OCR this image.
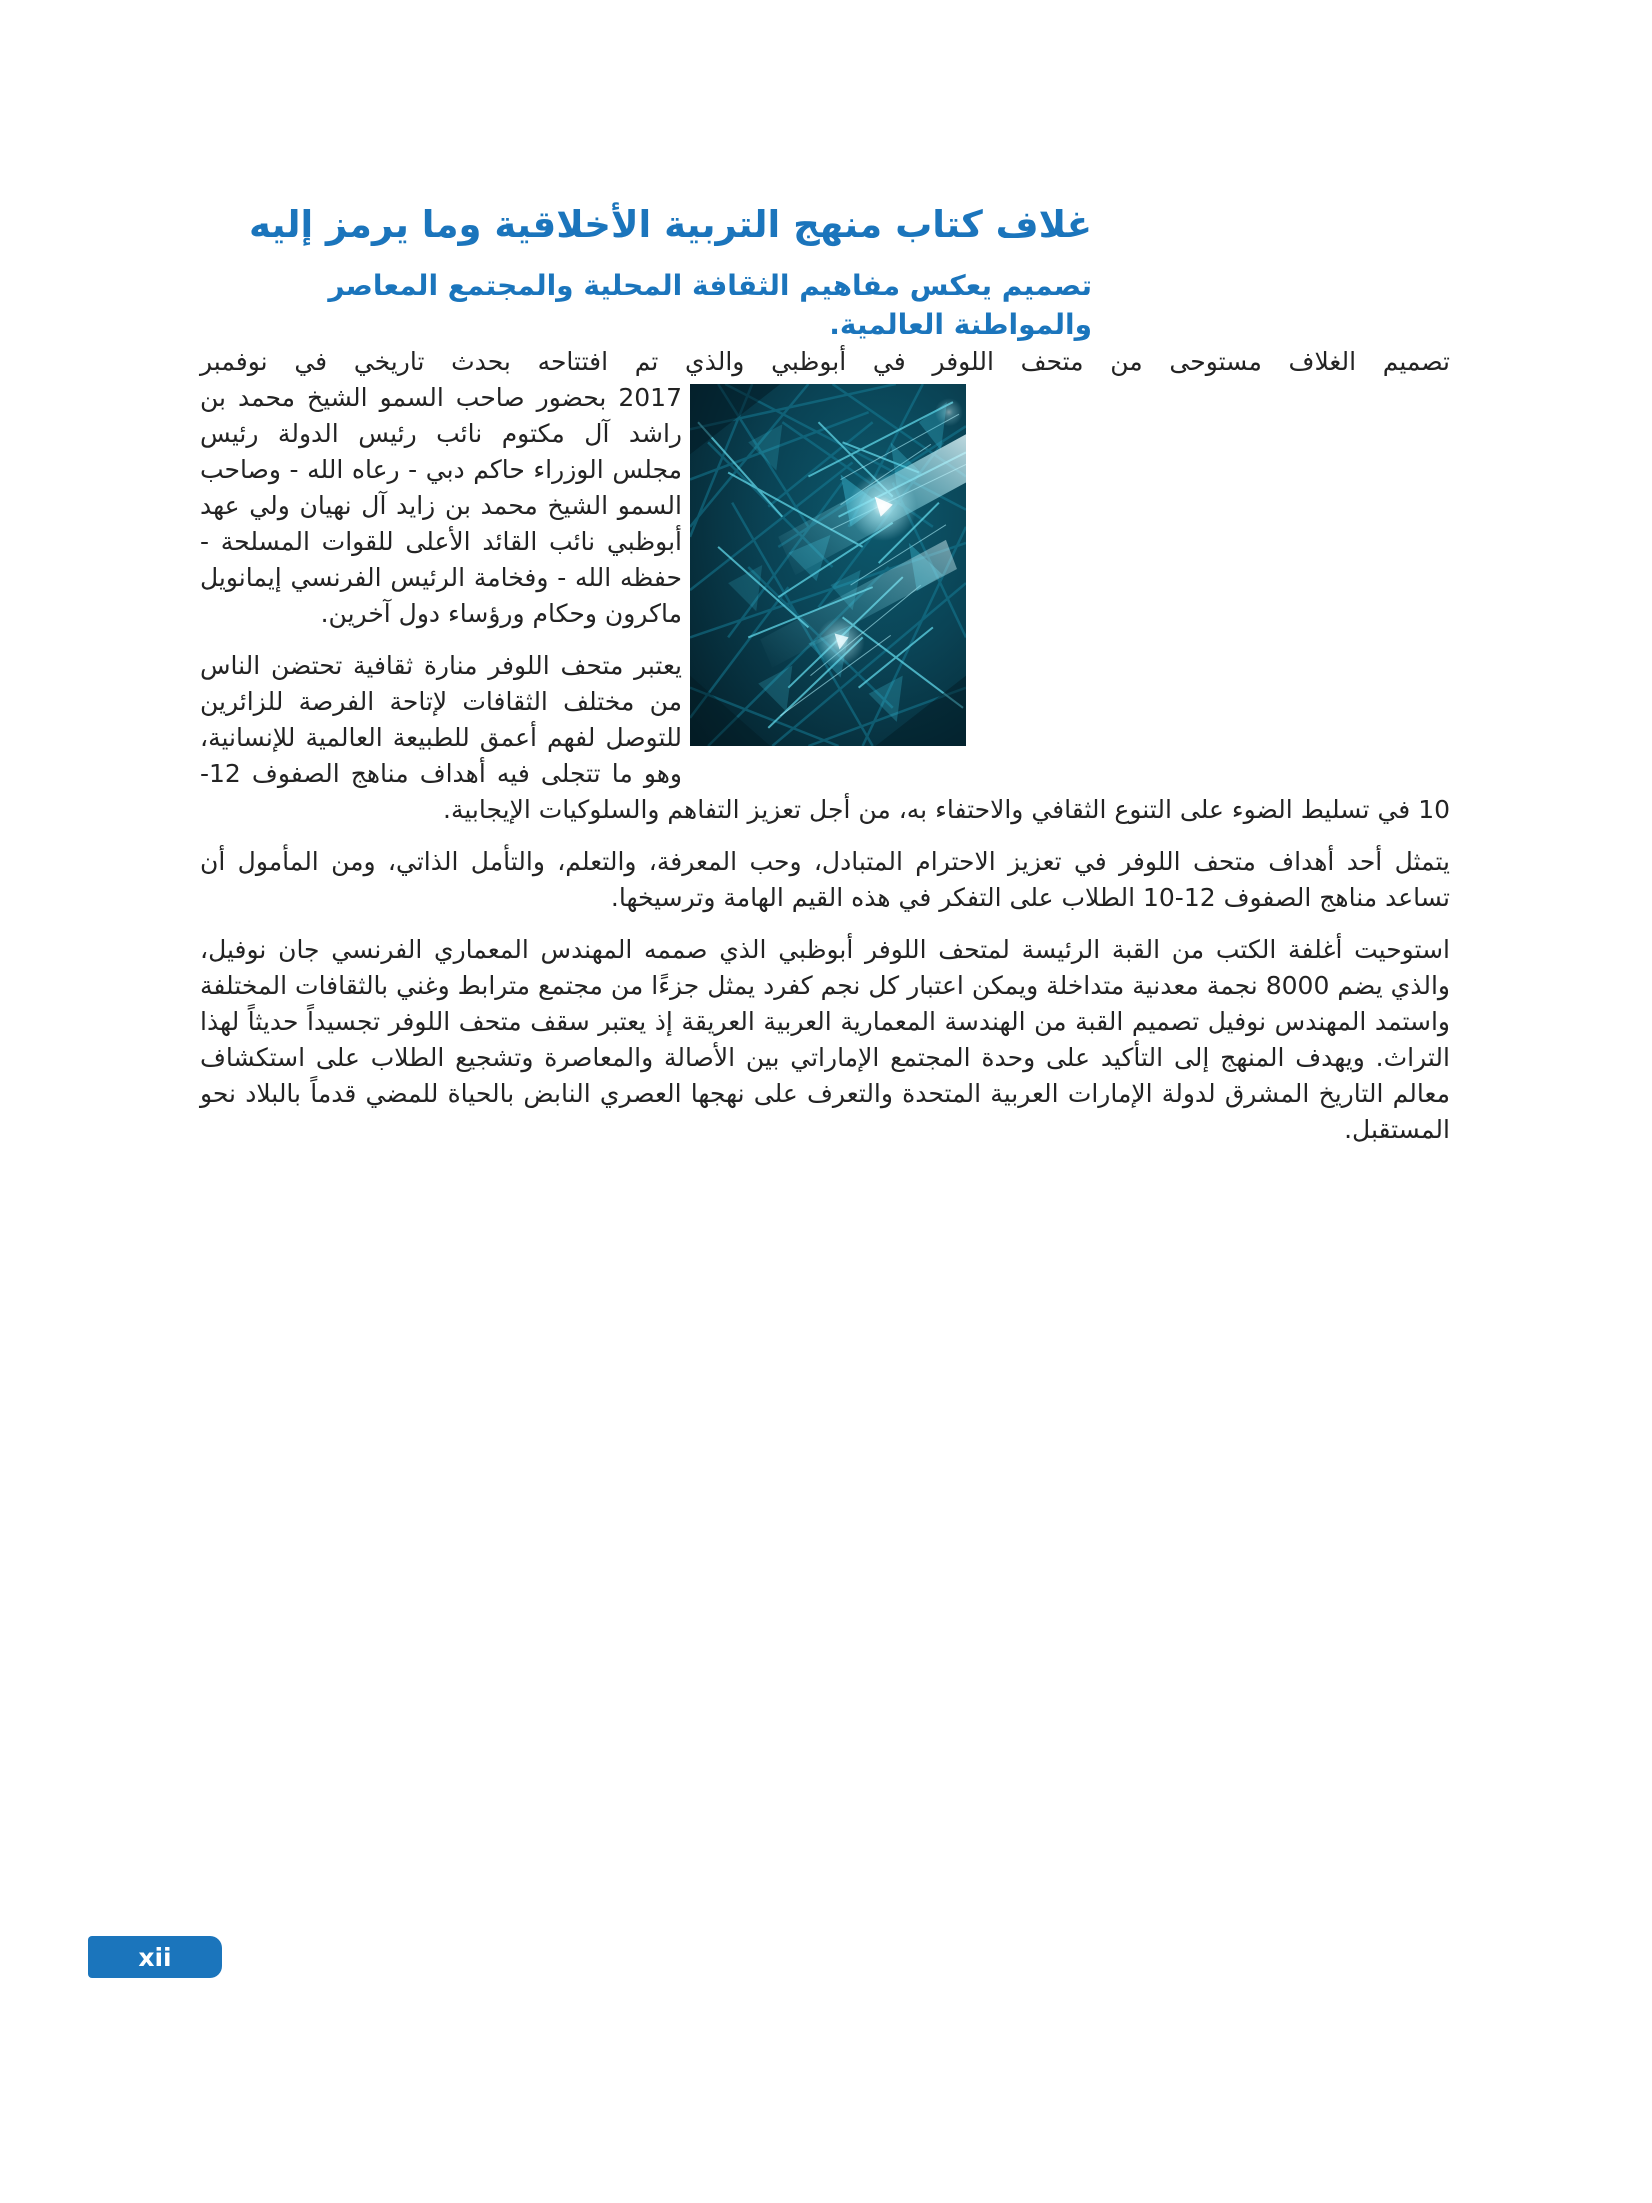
غلاف كتاب منهج التربية الأخلاقية وما يرمز إليه
تصميم يعكس مفاهيم الثقافة المحلية والمجتمع المعاصر والمواطنة العالمية.

تصميم الغلاف مستوحى من متحف اللوفر في أبوظبي والذي تم افتتاحه بحدث تاريخي في نوفمبر

2017 بحضور صاحب السمو الشيخ محمد بن راشد آل مكتوم نائب رئيس الدولة رئيس مجلس الوزراء حاكم دبي - رعاه الله - وصاحب السمو الشيخ محمد بن زايد آل نهيان ولي عهد أبوظبي نائب القائد الأعلى للقوات المسلحة - حفظه الله - وفخامة الرئيس الفرنسي إيمانويل ماكرون وحكام ورؤساء دول آخرين.

يعتبر متحف اللوفر منارة ثقافية تحتضن الناس من مختلف الثقافات لإتاحة الفرصة للزائرين للتوصل لفهم أعمق للطبيعة العالمية للإنسانية، وهو ما تتجلى فيه أهداف مناهج الصفوف 12-10 في تسليط الضوء على التنوع الثقافي والاحتفاء به، من أجل تعزيز التفاهم والسلوكيات الإيجابية.

يتمثل أحد أهداف متحف اللوفر في تعزيز الاحترام المتبادل، وحب المعرفة، والتعلم، والتأمل الذاتي، ومن المأمول أن تساعد مناهج الصفوف 12-10 الطلاب على التفكر في هذه القيم الهامة وترسيخها.

استوحيت أغلفة الكتب من القبة الرئيسة لمتحف اللوفر أبوظبي الذي صممه المهندس المعماري الفرنسي جان نوفيل، والذي يضم 8000 نجمة معدنية متداخلة ويمكن اعتبار كل نجم كفرد يمثل جزءًا من مجتمع مترابط وغني بالثقافات المختلفة واستمد المهندس نوفيل تصميم القبة من الهندسة المعمارية العربية العريقة إذ يعتبر سقف متحف اللوفر تجسيداً حديثاً لهذا التراث. ويهدف المنهج إلى التأكيد على وحدة المجتمع الإماراتي بين الأصالة والمعاصرة وتشجيع الطلاب على استكشاف معالم التاريخ المشرق لدولة الإمارات العربية المتحدة والتعرف على نهجها العصري النابض بالحياة للمضي قدماً بالبلاد نحو المستقبل.

xii
